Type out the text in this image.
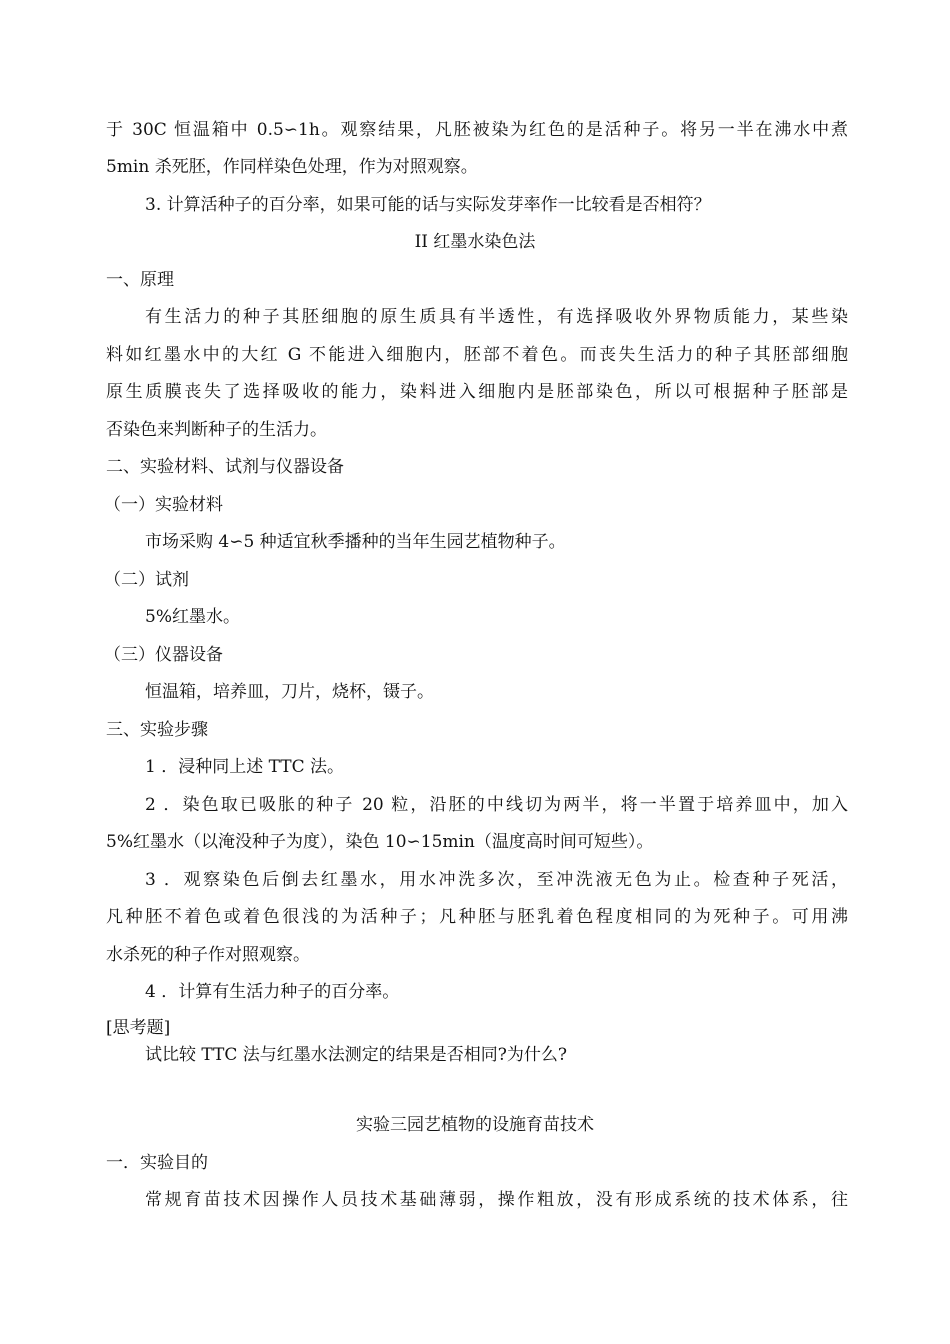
于 30C 恒温箱中 0.5∽1h。观察结果，凡胚被染为红色的是活种子。将另一半在沸水中煮
5min 杀死胚，作同样染色处理，作为对照观察。
3. 计算活种子的百分率，如果可能的话与实际发芽率作一比较看是否相符？
II 红墨水染色法
一、原理
有生活力的种子其胚细胞的原生质具有半透性，有选择吸收外界物质能力，某些染
料如红墨水中的大红 G 不能进入细胞内，胚部不着色。而丧失生活力的种子其胚部细胞
原生质膜丧失了选择吸收的能力，染料进入细胞内是胚部染色，所以可根据种子胚部是
否染色来判断种子的生活力。
二、实验材料、试剂与仪器设备
（一）实验材料
市场采购 4∽5 种适宜秋季播种的当年生园艺植物种子。
（二）试剂
5%红墨水。
（三）仪器设备
恒温箱，培养皿，刀片，烧杯，镊子。
三、实验步骤
1 ．浸种同上述 TTC 法。
2 ．染色取已吸胀的种子 20 粒，沿胚的中线切为两半，将一半置于培养皿中，加入
5%红墨水（以淹没种子为度），染色 10∽15min（温度高时间可短些）。
3 ．观察染色后倒去红墨水，用水冲洗多次，至冲洗液无色为止。检查种子死活，
凡种胚不着色或着色很浅的为活种子；凡种胚与胚乳着色程度相同的为死种子。可用沸
水杀死的种子作对照观察。
4 ．计算有生活力种子的百分率。
[思考题]
试比较 TTC 法与红墨水法测定的结果是否相同?为什么?
实验三园艺植物的设施育苗技术
一．实验目的
常规育苗技术因操作人员技术基础薄弱，操作粗放，没有形成系统的技术体系，往
